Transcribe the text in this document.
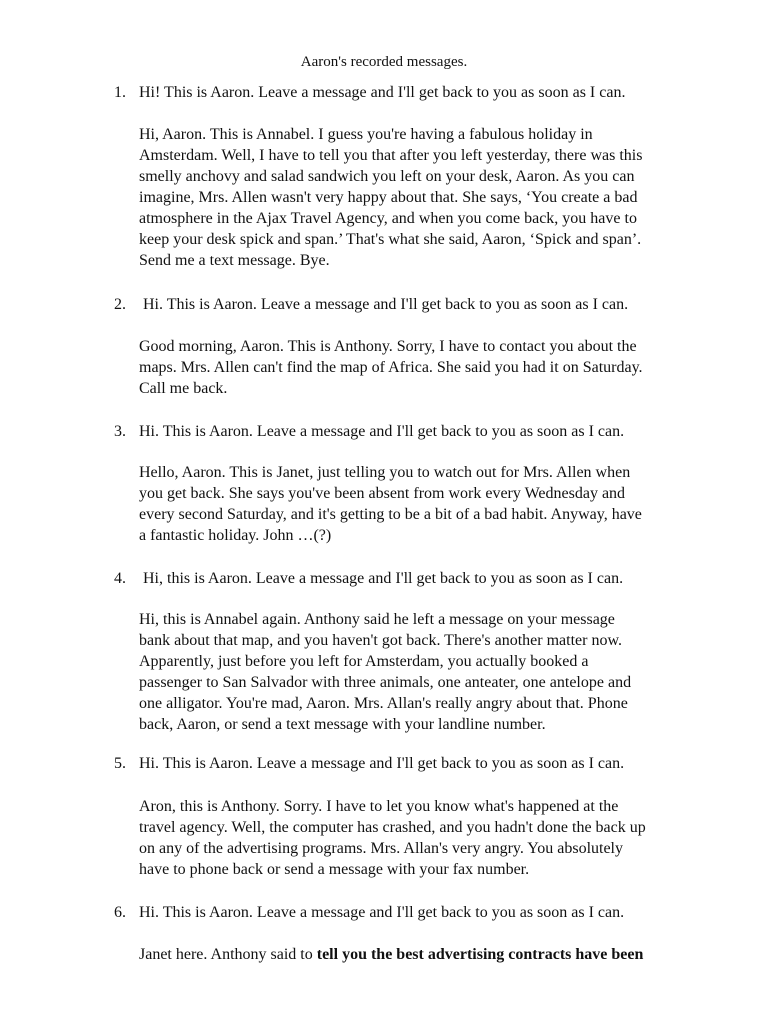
Aaron's recorded messages.
1. Hi! This is Aaron. Leave a message and I'll get back to you as soon as I can.

Hi, Aaron. This is Annabel. I guess you're having a fabulous holiday in
Amsterdam. Well, I have to tell you that after you left yesterday, there was this
smelly anchovy and salad sandwich you left on your desk, Aaron. As you can
imagine, Mrs. Allen wasn't very happy about that. She says, ‘You create a bad
atmosphere in the Ajax Travel Agency, and when you come back, you have to
keep your desk spick and span.’ That's what she said, Aaron, ‘Spick and span’.
Send me a text message. Bye.

2. Hi. This is Aaron. Leave a message and I'll get back to you as soon as I can.

Good morning, Aaron. This is Anthony. Sorry, I have to contact you about the
maps. Mrs. Allen can't find the map of Africa. She said you had it on Saturday.
Call me back.

3. Hi. This is Aaron. Leave a message and I'll get back to you as soon as I can.

Hello, Aaron. This is Janet, just telling you to watch out for Mrs. Allen when
you get back. She says you've been absent from work every Wednesday and
every second Saturday, and it's getting to be a bit of a bad habit. Anyway, have
a fantastic holiday. John …(?)

4. Hi, this is Aaron. Leave a message and I'll get back to you as soon as I can.

Hi, this is Annabel again. Anthony said he left a message on your message
bank about that map, and you haven't got back. There's another matter now.
Apparently, just before you left for Amsterdam, you actually booked a
passenger to San Salvador with three animals, one anteater, one antelope and
one alligator. You're mad, Aaron. Mrs. Allan's really angry about that. Phone
back, Aaron, or send a text message with your landline number.

5. Hi. This is Aaron. Leave a message and I'll get back to you as soon as I can.

Aron, this is Anthony. Sorry. I have to let you know what's happened at the
travel agency. Well, the computer has crashed, and you hadn't done the back up
on any of the advertising programs. Mrs. Allan's very angry. You absolutely
have to phone back or send a message with your fax number.

6. Hi. This is Aaron. Leave a message and I'll get back to you as soon as I can.

Janet here. Anthony said to tell you the best advertising contracts have been
